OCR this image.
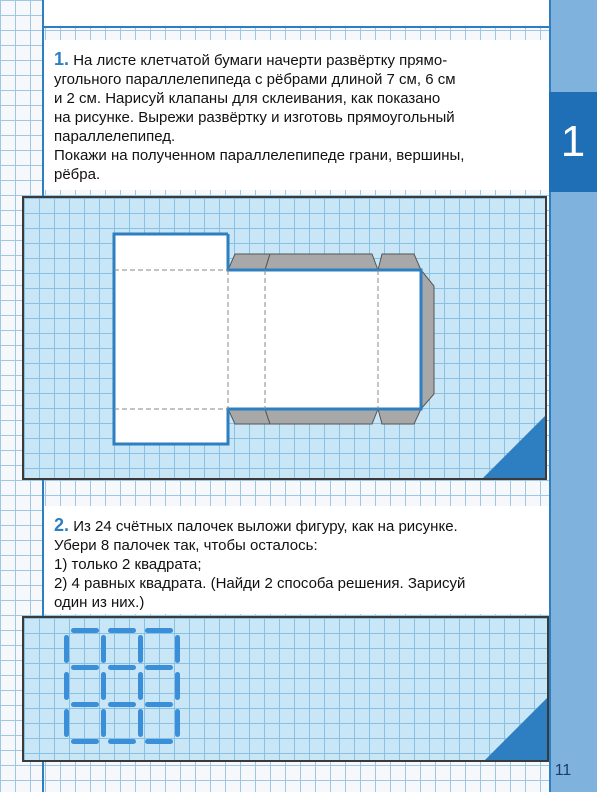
1
1. На листе клетчатой бумаги начерти развёртку прямо-
угольного параллелепипеда с рёбрами длиной 7 см, 6 см
и 2 см. Нарисуй клапаны для склеивания, как показано
на рисунке. Вырежи развёртку и изготовь прямоугольный
параллелепипед.
Покажи на полученном параллелепипеде грани, вершины,
рёбра.
2. Из 24 счётных палочек выложи фигуру, как на рисунке.
Убери 8 палочек так, чтобы осталось:
1) только 2 квадрата;
2) 4 равных квадрата. (Найди 2 способа решения. Зарисуй
один из них.)
11
